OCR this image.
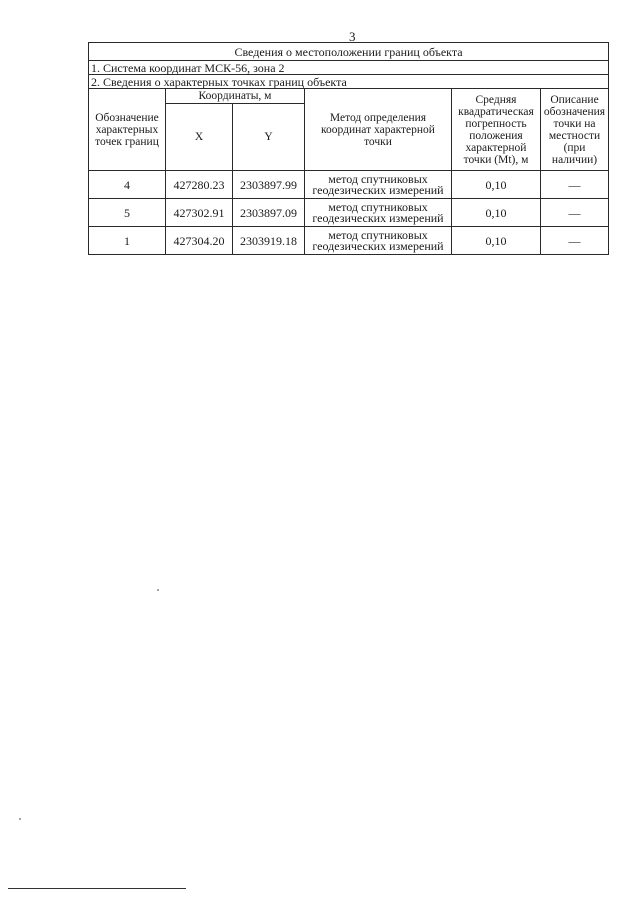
3
Сведения о местоположении границ объекта					
1. Система координат МСК-56, зона 2					
2. Сведения о характерных точках границ объекта					
Обозначение характерных точек границ	Координаты, м		Метод определения координат характерной точки	Средняя квадратическая погрепность положения характерной точки (Mt), м	Описание обозначения точки на местности (при наличии)
	X	Y			
4	427280.23	2303897.99	метод спутниковых геодезических измерений	0,10	—
5	427302.91	2303897.09	метод спутниковых геодезических измерений	0,10	—
1	427304.20	2303919.18	метод спутниковых геодезических измерений	0,10	—
